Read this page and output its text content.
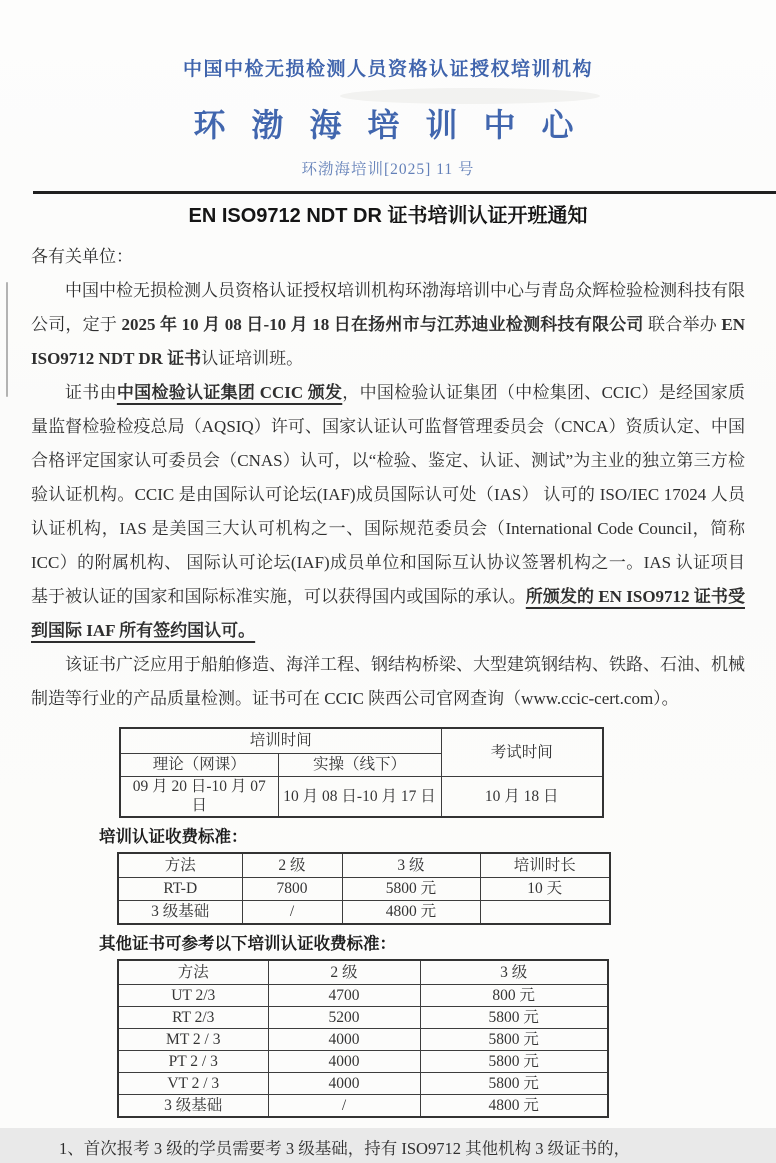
中国中检无损检测人员资格认证授权培训机构
环 渤 海 培 训 中 心
环渤海培训[2025] 11 号
EN ISO9712 NDT DR 证书培训认证开班通知

各有关单位：

中国中检无损检测人员资格认证授权培训机构环渤海培训中心与青岛众辉检验检测科技有限公司，定于 2025 年 10 月 08 日-10 月 18 日在扬州市与江苏迪业检测科技有限公司 联合举办 EN ISO9712 NDT DR 证书认证培训班。

证书由中国检验认证集团 CCIC 颁发，中国检验认证集团（中检集团、CCIC）是经国家质量监督检验检疫总局（AQSIQ）许可、国家认证认可监督管理委员会（CNCA）资质认定、中国合格评定国家认可委员会（CNAS）认可，以“检验、鉴定、认证、测试”为主业的独立第三方检验认证机构。CCIC 是由国际认可论坛(IAF)成员国际认可处（IAS） 认可的 ISO/IEC 17024 人员认证机构，IAS 是美国三大认可机构之一、国际规范委员会（International Code Council，简称 ICC）的附属机构、 国际认可论坛(IAF)成员单位和国际互认协议签署机构之一。IAS 认证项目基于被认证的国家和国际标准实施，可以获得国内或国际的承认。所颁发的 EN ISO9712 证书受到国际 IAF 所有签约国认可。

该证书广泛应用于船舶修造、海洋工程、钢结构桥梁、大型建筑钢结构、铁路、石油、机械制造等行业的产品质量检测。证书可在 CCIC 陕西公司官网查询（www.ccic-cert.com）。

培训时间		考试时间
理论（网课）	实操（线下）	
09 月 20 日-10 月 07 日	10 月 08 日-10 月 17 日	10 月 18 日

培训认证收费标准：

方法	2 级	3 级	培训时长
RT-D	7800	5800 元	10 天
3 级基础	/	4800 元	

其他证书可参考以下培训认证收费标准：

方法	2 级	3 级
UT 2/3	4700	800 元
RT 2/3	5200	5800 元
MT 2 / 3	4000	5800 元
PT 2 / 3	4000	5800 元
VT 2 / 3	4000	5800 元
3 级基础	/	4800 元

1、首次报考 3 级的学员需要考 3 级基础，持有 ISO9712 其他机构 3 级证书的，
